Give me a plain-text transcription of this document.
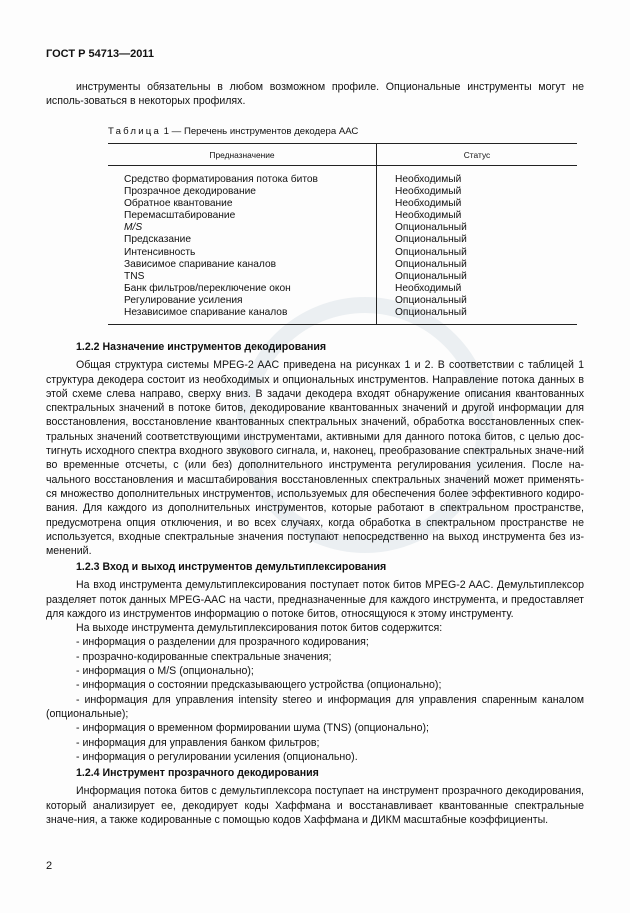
ГОСТ Р 54713—2011

инструменты обязательны в любом возможном профиле. Опциональные инструменты могут не исполь-зоваться в некоторых профилях.

Таблица 1 — Перечень инструментов декодера ААС
Предназначение	Статус
Средство форматирования потока битов	Необходимый
Прозрачное декодирование	Необходимый
Обратное квантование	Необходимый
Перемасштабирование	Необходимый
M/S	Опциональный
Предсказание	Опциональный
Интенсивность	Опциональный
Зависимое спаривание каналов	Опциональный
TNS	Опциональный
Банк фильтров/переключение окон	Необходимый
Регулирование усиления	Опциональный
Независимое спаривание каналов	Опциональный

1.2.2 Назначение инструментов декодирования

Общая структура системы MPEG-2 AAC приведена на рисунках 1 и 2. В соответствии с таблицей 1 структура декодера состоит из необходимых и опциональных инструментов. Направление потока данных в этой схеме слева направо, сверху вниз. В задачи декодера входят обнаружение описания квантованных спектральных значений в потоке битов, декодирование квантованных значений и другой информации для восстановления, восстановление квантованных спектральных значений, обработка восстановленных спек-тральных значений соответствующими инструментами, активными для данного потока битов, с целью дос-тигнуть исходного спектра входного звукового сигнала, и, наконец, преобразование спектральных значе-ний во временные отсчеты, с (или без) дополнительного инструмента регулирования усиления. После на-чального восстановления и масштабирования восстановленных спектральных значений может применять-ся множество дополнительных инструментов, используемых для обеспечения более эффективного кодиро-вания. Для каждого из дополнительных инструментов, которые работают в спектральном пространстве, предусмотрена опция отключения, и во всех случаях, когда обработка в спектральном пространстве не используется, входные спектральные значения поступают непосредственно на выход инструмента без из-менений.

1.2.3 Вход и выход инструментов демультиплексирования

На вход инструмента демультиплексирования поступает поток битов MPEG-2 AAC. Демультиплексор разделяет поток данных MPEG-AAC на части, предназначенные для каждого инструмента, и предоставляет для каждого из инструментов информацию о потоке битов, относящуюся к этому инструменту.

На выходе инструмента демультиплексирования поток битов содержится:

- информация о разделении для прозрачного кодирования;

- прозрачно-кодированные спектральные значения;

- информация о M/S (опционально);

- информация о состоянии предсказывающего устройства (опционально);

- информация для управления intensity stereo и информация для управления спаренным каналом (опциональные);

- информация о временном формировании шума (TNS) (опционально);

- информация для управления банком фильтров;

- информация о регулировании усиления (опционально).

1.2.4 Инструмент прозрачного декодирования

Информация потока битов с демультиплексора поступает на инструмент прозрачного декодирования, который анализирует ее, декодирует коды Хаффмана и восстанавливает квантованные спектральные значе-ния, а также кодированные с помощью кодов Хаффмана и ДИКМ масштабные коэффициенты.

2
